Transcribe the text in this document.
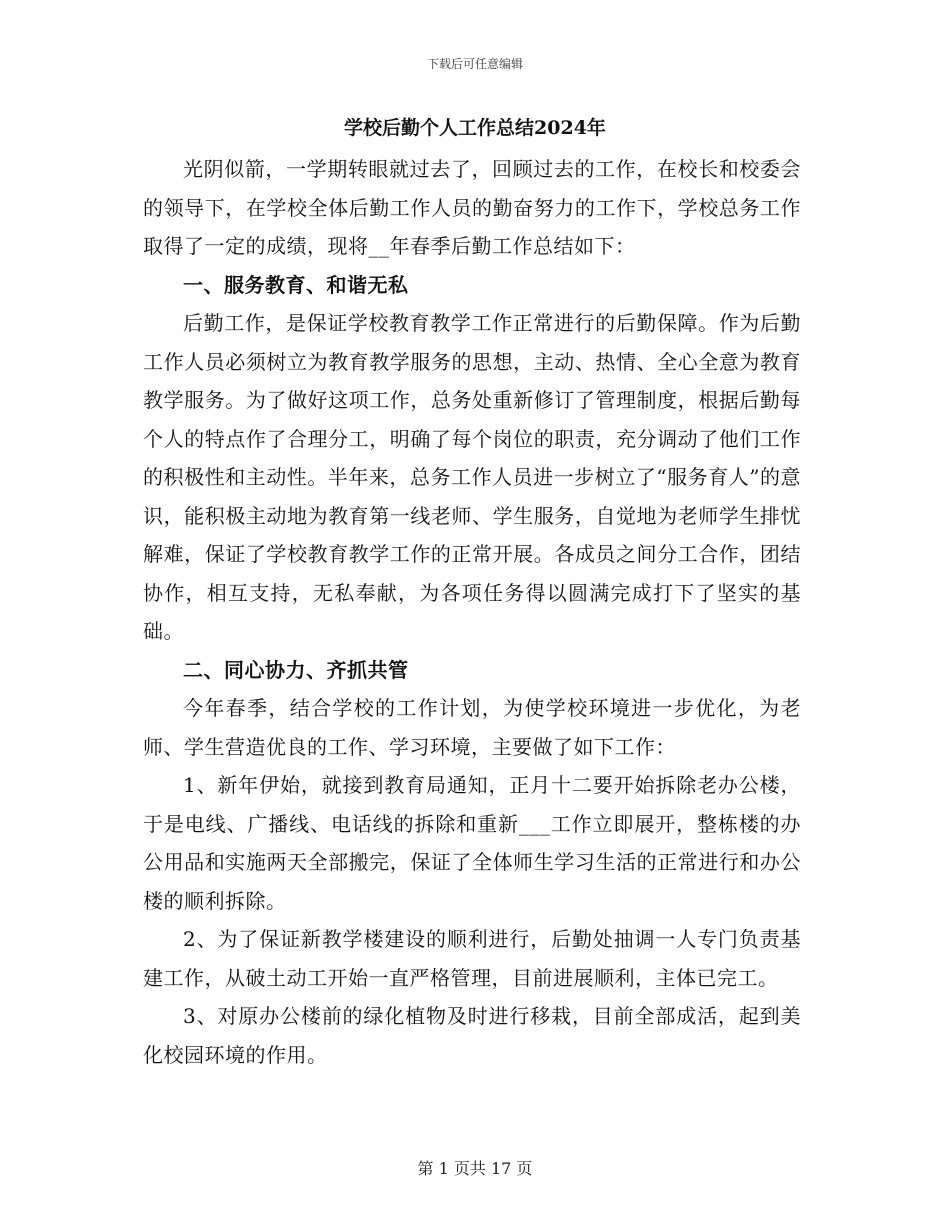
下载后可任意编辑
学校后勤个人工作总结2024年

光阴似箭，一学期转眼就过去了，回顾过去的工作，在校长和校委会的领导下，在学校全体后勤工作人员的勤奋努力的工作下，学校总务工作取得了一定的成绩，现将__年春季后勤工作总结如下：

一、服务教育、和谐无私

后勤工作，是保证学校教育教学工作正常进行的后勤保障。作为后勤工作人员必须树立为教育教学服务的思想，主动、热情、全心全意为教育教学服务。为了做好这项工作，总务处重新修订了管理制度，根据后勤每个人的特点作了合理分工，明确了每个岗位的职责，充分调动了他们工作的积极性和主动性。半年来，总务工作人员进一步树立了“服务育人”的意识，能积极主动地为教育第一线老师、学生服务，自觉地为老师学生排忧解难，保证了学校教育教学工作的正常开展。各成员之间分工合作，团结协作，相互支持，无私奉献，为各项任务得以圆满完成打下了坚实的基础。

二、同心协力、齐抓共管

今年春季，结合学校的工作计划，为使学校环境进一步优化，为老师、学生营造优良的工作、学习环境，主要做了如下工作：

1、新年伊始，就接到教育局通知，正月十二要开始拆除老办公楼，于是电线、广播线、电话线的拆除和重新___工作立即展开，整栋楼的办公用品和实施两天全部搬完，保证了全体师生学习生活的正常进行和办公楼的顺利拆除。

2、为了保证新教学楼建设的顺利进行，后勤处抽调一人专门负责基建工作，从破土动工开始一直严格管理，目前进展顺利，主体已完工。

3、对原办公楼前的绿化植物及时进行移栽，目前全部成活，起到美化校园环境的作用。

第 1 页共 17 页
